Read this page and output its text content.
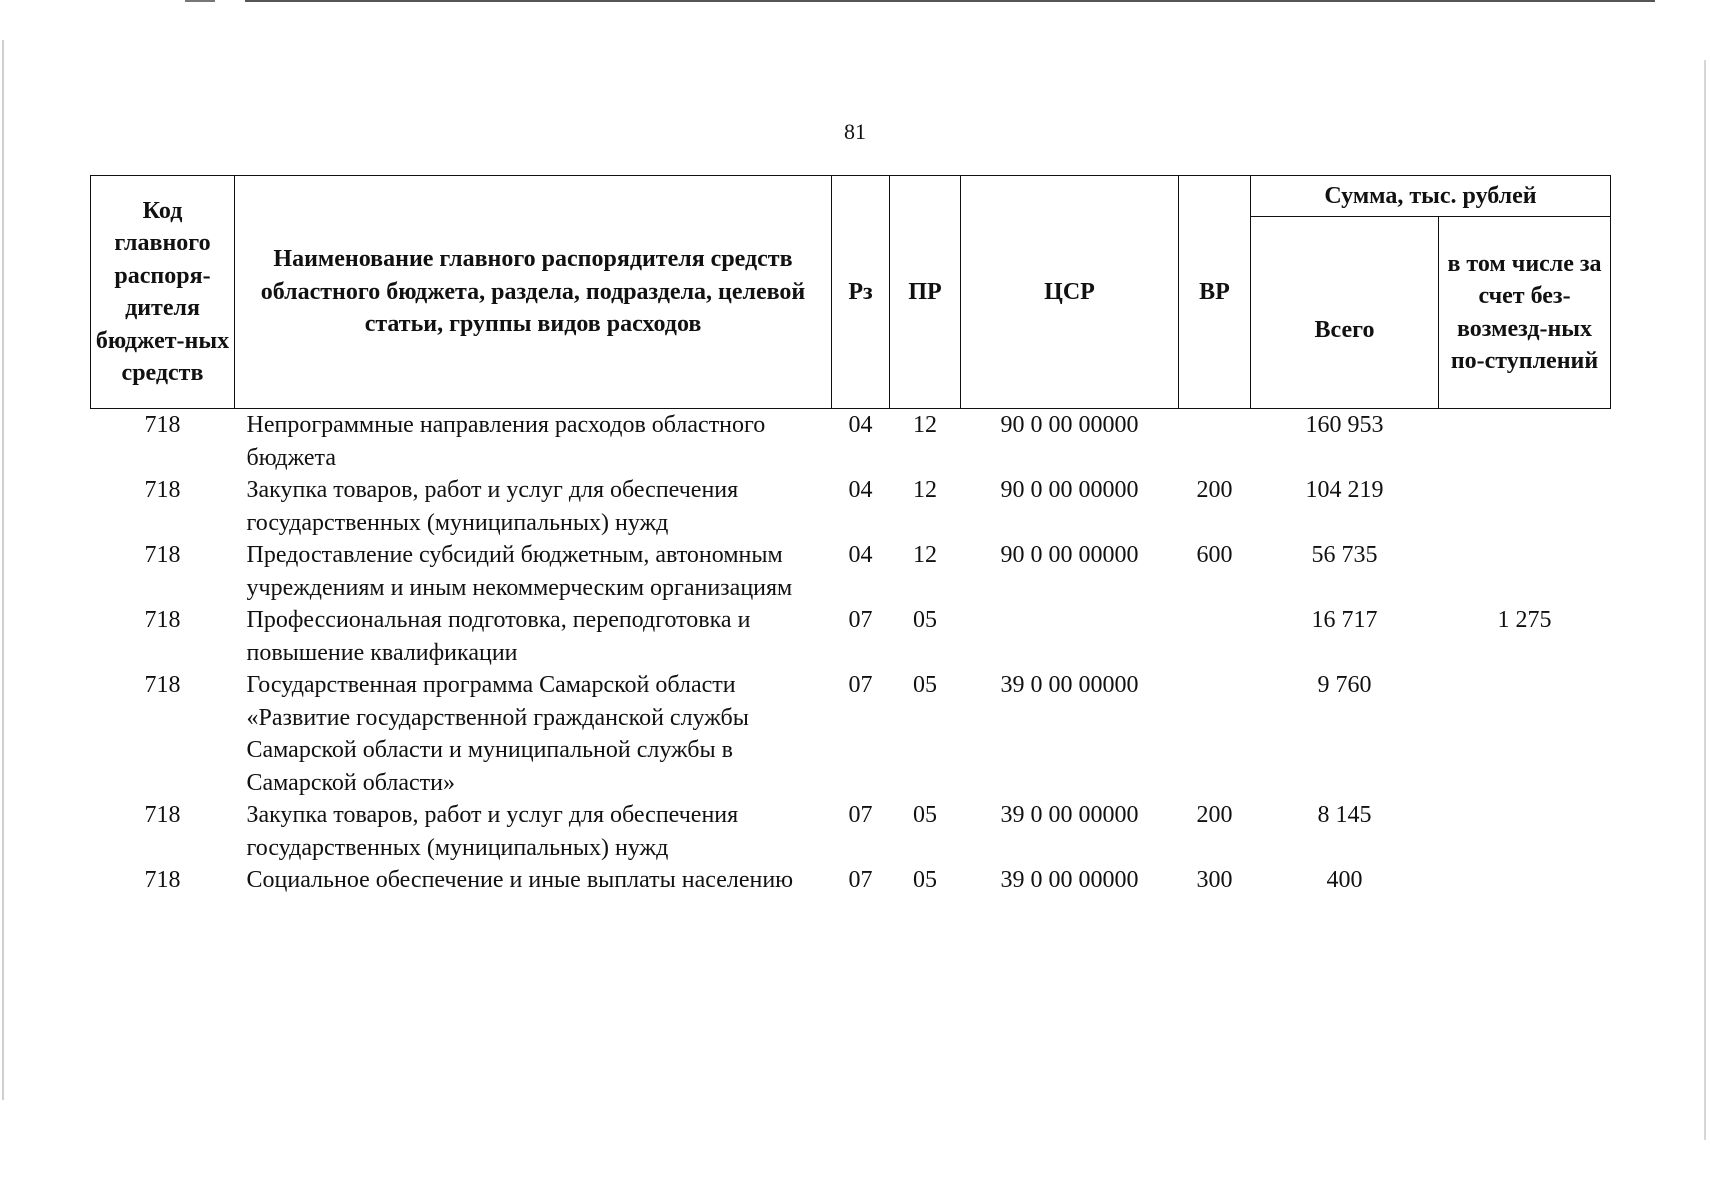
81
Код главного распоря-дителя бюджет-ных средств	Наименование главного распорядителя средств областного бюджета, раздела, подраздела, целевой статьи, группы видов расходов	Рз	ПР	ЦСР	ВР	Сумма, тыс. рублей	
						Всего	в том числе за счет без-возмезд-ных по-ступлений
718	Непрограммные направления расходов областного бюджета	04	12	90 0 00 00000		160 953	
718	Закупка товаров, работ и услуг для обеспечения государственных (муниципальных) нужд	04	12	90 0 00 00000	200	104 219	
718	Предоставление субсидий бюджетным, автономным учреждениям и иным некоммерческим организациям	04	12	90 0 00 00000	600	56 735	
718	Профессиональная подготовка, переподготовка и повышение квалификации	07	05			16 717	1 275
718	Государственная программа Самарской области «Развитие государственной гражданской службы Самарской области и муниципальной службы в Самарской области»	07	05	39 0 00 00000		9 760	
718	Закупка товаров, работ и услуг для обеспечения государственных (муниципальных) нужд	07	05	39 0 00 00000	200	8 145	
718	Социальное обеспечение и иные выплаты населению	07	05	39 0 00 00000	300	400	
